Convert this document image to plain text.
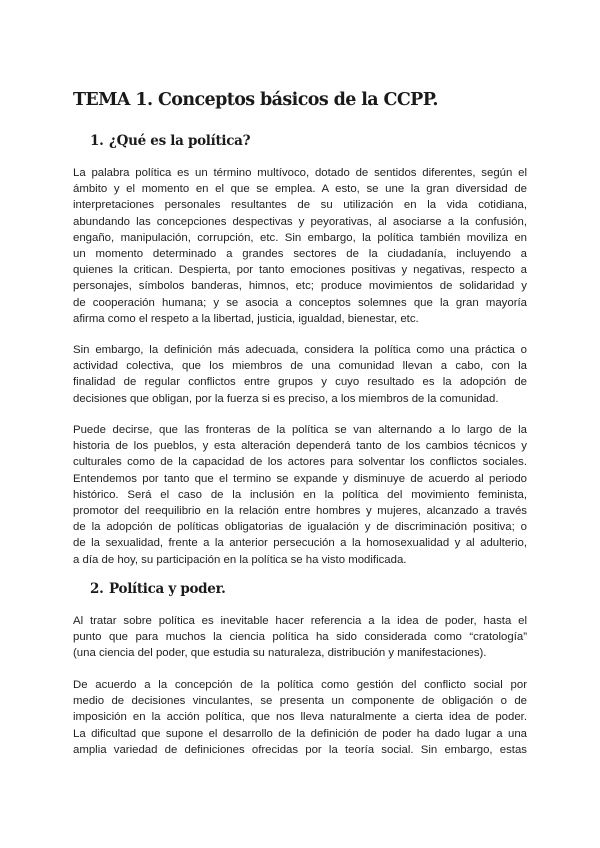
TEMA 1. Conceptos básicos de la CCPP.
1. ¿Qué es la política?
La palabra política es un término multívoco, dotado de sentidos diferentes, según el
ámbito y el momento en el que se emplea. A esto, se une la gran diversidad de
interpretaciones personales resultantes de su utilización en la vida cotidiana,
abundando las concepciones despectivas y peyorativas, al asociarse a la confusión,
engaño, manipulación, corrupción, etc. Sin embargo, la política también moviliza en
un momento determinado a grandes sectores de la ciudadanía, incluyendo a
quienes la critican. Despierta, por tanto emociones positivas y negativas, respecto a
personajes, símbolos banderas, himnos, etc; produce movimientos de solidaridad y
de cooperación humana; y se asocia a conceptos solemnes que la gran mayoría
afirma como el respeto a la libertad, justicia, igualdad, bienestar, etc.
Sin embargo, la definición más adecuada, considera la política como una práctica o
actividad colectiva, que los miembros de una comunidad llevan a cabo, con la
finalidad de regular conflictos entre grupos y cuyo resultado es la adopción de
decisiones que obligan, por la fuerza si es preciso, a los miembros de la comunidad.
Puede decirse, que las fronteras de la política se van alternando a lo largo de la
historia de los pueblos, y esta alteración dependerá tanto de los cambios técnicos y
culturales como de la capacidad de los actores para solventar los conflictos sociales.
Entendemos por tanto que el termino se expande y disminuye de acuerdo al periodo
histórico. Será el caso de la inclusión en la política del movimiento feminista,
promotor del reequilibrio en la relación entre hombres y mujeres, alcanzado a través
de la adopción de políticas obligatorias de igualación y de discriminación positiva; o
de la sexualidad, frente a la anterior persecución a la homosexualidad y al adulterio,
a día de hoy, su participación en la política se ha visto modificada.
2. Política y poder.
Al tratar sobre política es inevitable hacer referencia a la idea de poder, hasta el
punto que para muchos la ciencia política ha sido considerada como “cratología”
(una ciencia del poder, que estudia su naturaleza, distribución y manifestaciones).
De acuerdo a la concepción de la política como gestión del conflicto social por
medio de decisiones vinculantes, se presenta un componente de obligación o de
imposición en la acción política, que nos lleva naturalmente a cierta idea de poder.
La dificultad que supone el desarrollo de la definición de poder ha dado lugar a una
amplia variedad de definiciones ofrecidas por la teoría social. Sin embargo, estas
